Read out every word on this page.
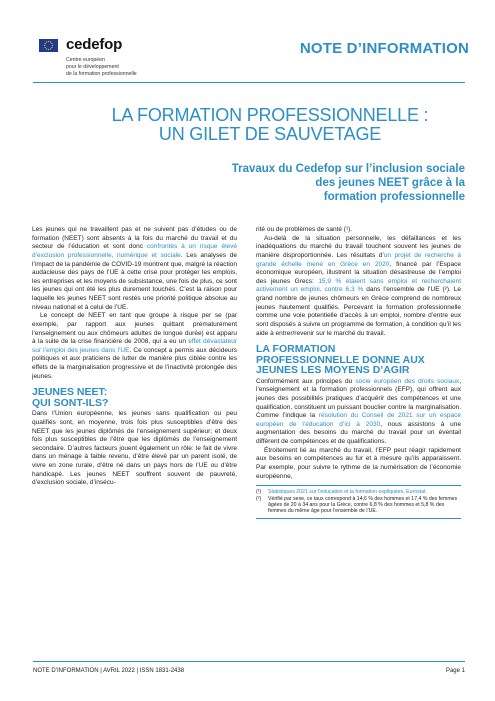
cedefop
Centre européen
pour le développement
de la formation professionnelle
NOTE D’INFORMATION
LA FORMATION PROFESSIONNELLE :
UN GILET DE SAUVETAGE
Travaux du Cedefop sur l’inclusion sociale
des jeunes NEET grâce à la
formation professionnelle

Les jeunes qui ne travaillent pas et ne suivent pas d’études ou de formation (NEET) sont absents à la fois du marché du travail et du secteur de l’éducation et sont donc confrontés à un risque élevé d’exclusion professionnelle, numérique et sociale. Les analyses de l’impact de la pandémie de COVID-19 montrent que, malgré la réaction audacieuse des pays de l’UE à cette crise pour protéger les emplois, les entreprises et les moyens de subsistance, une fois de plus, ce sont les jeunes qui ont été les plus durement touchés. C’est la raison pour laquelle les jeunes NEET sont restés une priorité politique absolue au niveau national et à celui de l’UE.

Le concept de NEET en tant que groupe à risque per se (par exemple, par rapport aux jeunes quittant prématurément l’enseignement ou aux chômeurs adultes de longue durée) est apparu à la suite de la crise financière de 2008, qui a eu un effet dévastateur sur l’emploi des jeunes dans l’UE. Ce concept a permis aux décideurs politiques et aux praticiens de lutter de manière plus ciblée contre les effets de la marginalisation progressive et de l’inactivité prolongée des jeunes.

JEUNES NEET:
QUI SONT-ILS?

Dans l’Union européenne, les jeunes sans qualification ou peu qualifiés sont, en moyenne, trois fois plus susceptibles d’être des NEET que les jeunes diplômés de l’enseignement supérieur; et deux fois plus susceptibles de l’être que les diplômés de l’enseignement secondaire. D’autres facteurs jouent également un rôle: le fait de vivre dans un ménage à faible revenu, d’être élevé par un parent isolé, de vivre en zone rurale, d’être né dans un pays hors de l’UE ou d’être handicapé. Les jeunes NEET souffrent souvent de pauvreté, d’exclusion sociale, d’insécu-

rité ou de problèmes de santé (¹).

Au-delà de la situation personnelle, les défaillances et les inadéquations du marché du travail touchent souvent les jeunes de manière disproportionnée. Les résultats d’un projet de recherche à grande échelle mené en Grèce en 2020, financé par l’Espace économique européen, illustrent la situation désastreuse de l’emploi des jeunes Grecs: 15,9 % étaient sans emploi et recherchaient activement un emploi, contre 6,3 % dans l’ensemble de l’UE (²). Le grand nombre de jeunes chômeurs en Grèce comprend de nombreux jeunes hautement qualifiés. Percevant la formation professionnelle comme une voie potentielle d’accès à un emploi, nombre d’entre eux sont disposés à suivre un programme de formation, à condition qu’il les aide à entrer/revenir sur le marché du travail.

LA FORMATION
PROFESSIONNELLE DONNE AUX
JEUNES LES MOYENS D’AGIR

Conformément aux principes du socle européen des droits sociaux, l’enseignement et la formation professionnels (EFP), qui offrent aux jeunes des possibilités pratiques d’acquérir des compétences et une qualification, constituent un puissant bouclier contre la marginalisation. Comme l’indique la résolution du Conseil de 2021 sur un espace européen de l’éducation d’ici à 2030, nous assistons à une augmentation des besoins du marché du travail pour un éventail différent de compétences et de qualifications.

Étroitement lié au marché du travail, l’EFP peut réagir rapidement aux besoins en compétences au fur et à mesure qu’ils apparaissent. Par exemple, pour suivre le rythme de la numérisation de l’économie européenne,

(¹)	Statistiques 2021 sur l’éducation et la formation expliquées, Eurostat.
(²)	Vérifié par sexe, ce taux correspond à 14,6 % des hommes et 17,4 % des femmes âgées de 20 à 34 ans pour la Grèce, contre 6,8 % des hommes et 5,8 % des femmes du même âge pour l’ensemble de l’UE.
NOTE D’INFORMATION | AVRIL 2022 | ISSN 1831-2438	Page 1
